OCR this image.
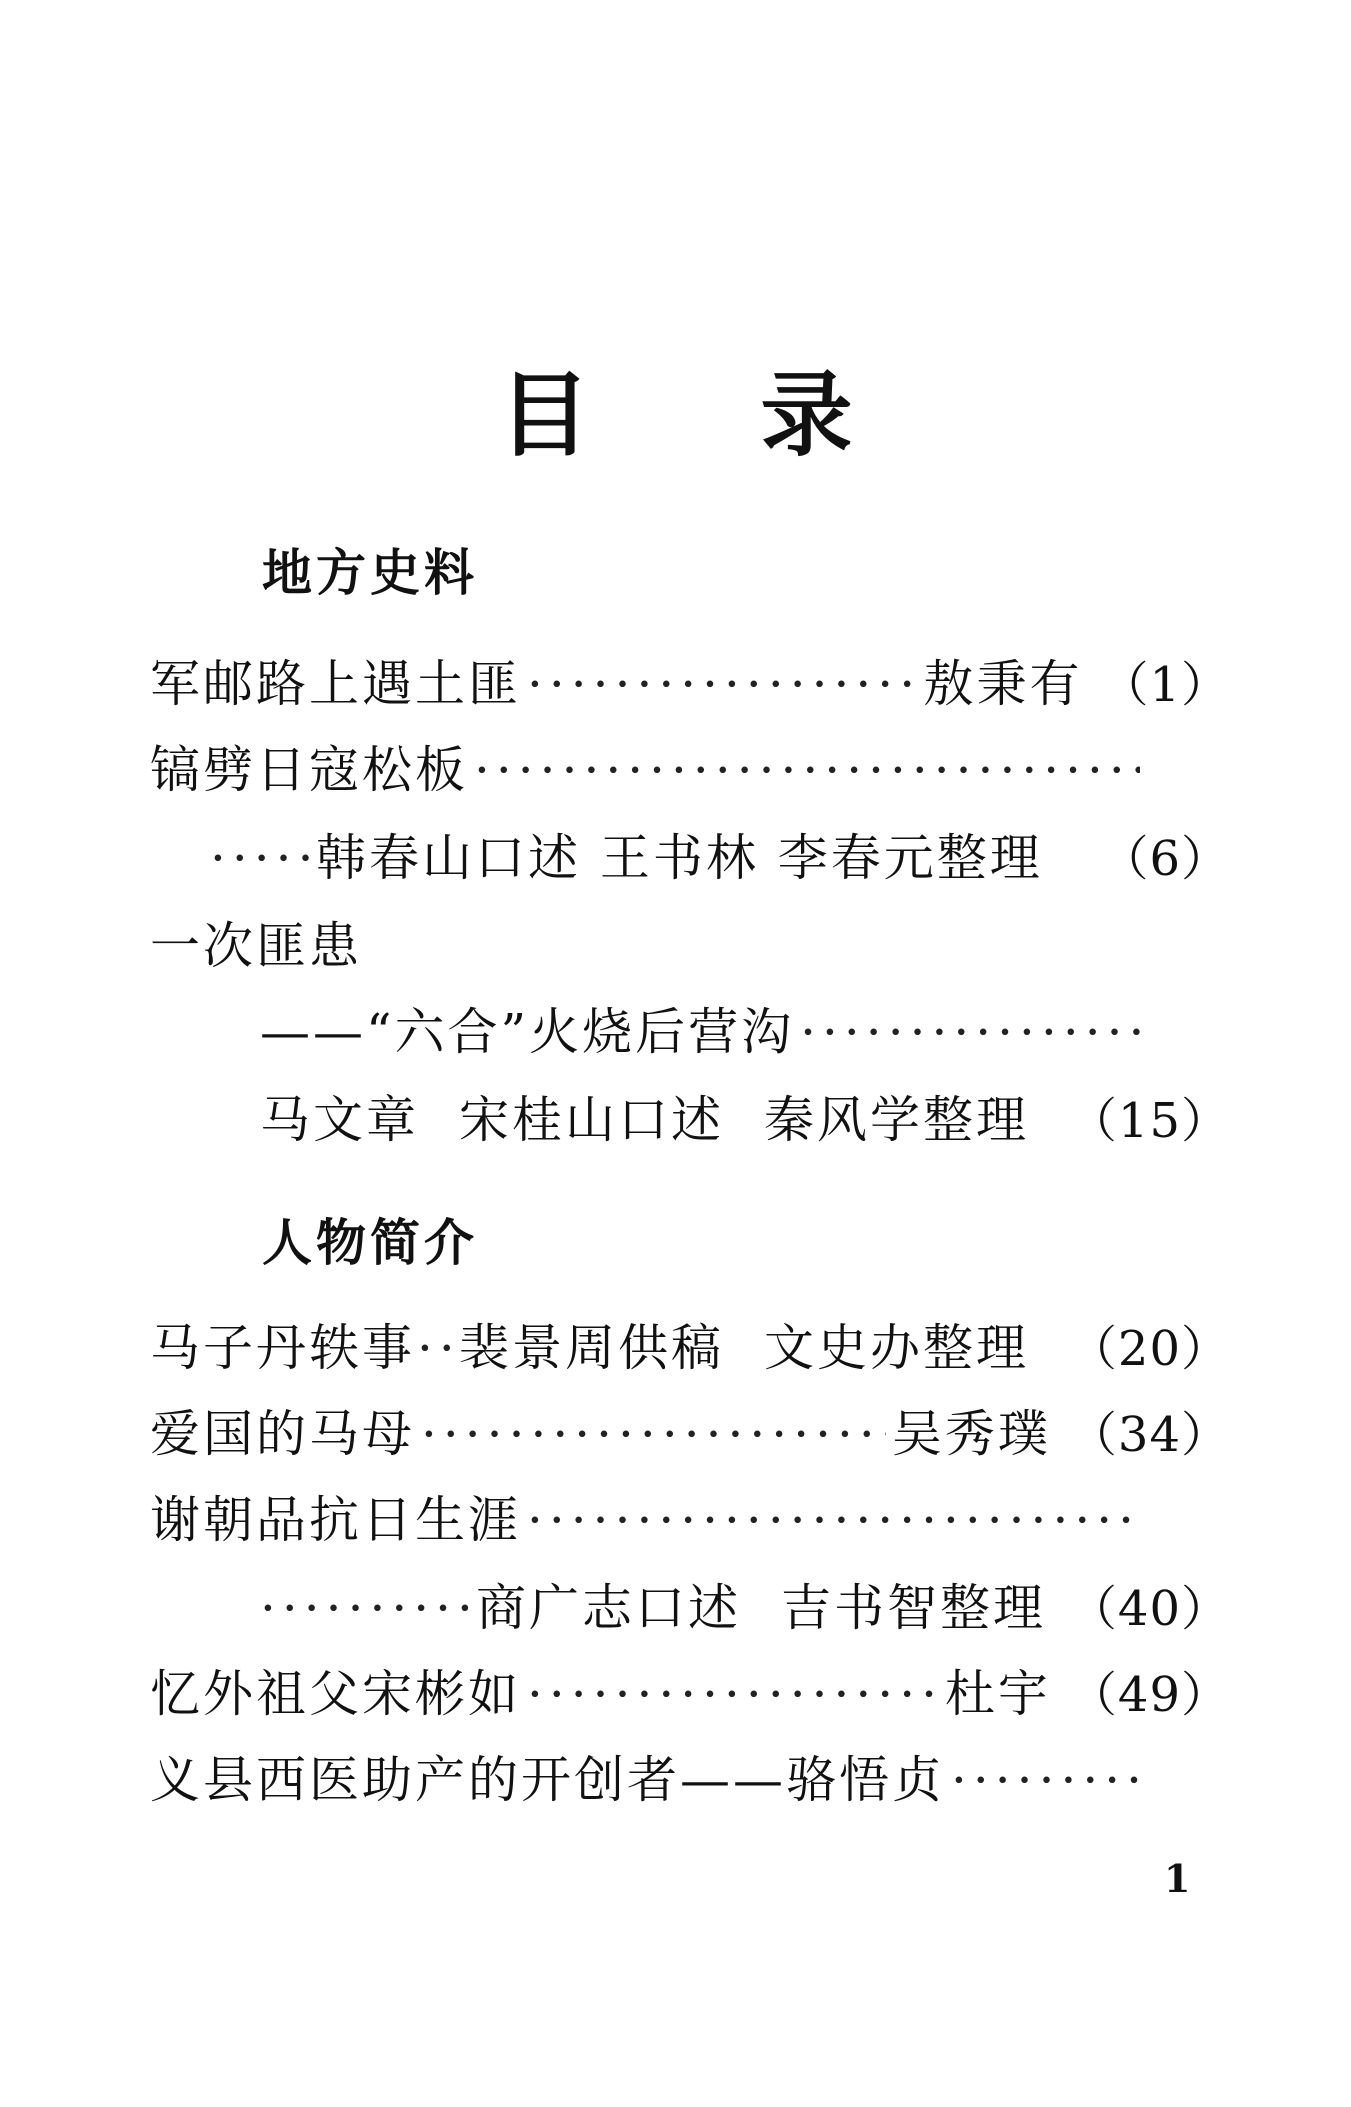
目 录
地方史料
军邮路上遇土匪 ·····	敖秉有 （1）
镐劈日寇松板
·····
·····
韩春山口述 王书林 李春元整理 （6）
一次匪患
——“六合”火烧后营沟
·····
马文章 宋桂山口述 秦风学整理 （15）
人物简介
马子丹轶事 ····· 裴景周供稿 文史办整理 （20）
爱国的马母 ·····	吴秀璞 （34）
谢朝品抗日生涯
·····
·····
商广志口述 吉书智整理 （40）
忆外祖父宋彬如 ·····	杜宇 （49）
义县西医助产的开创者——骆悟贞
·····
1
